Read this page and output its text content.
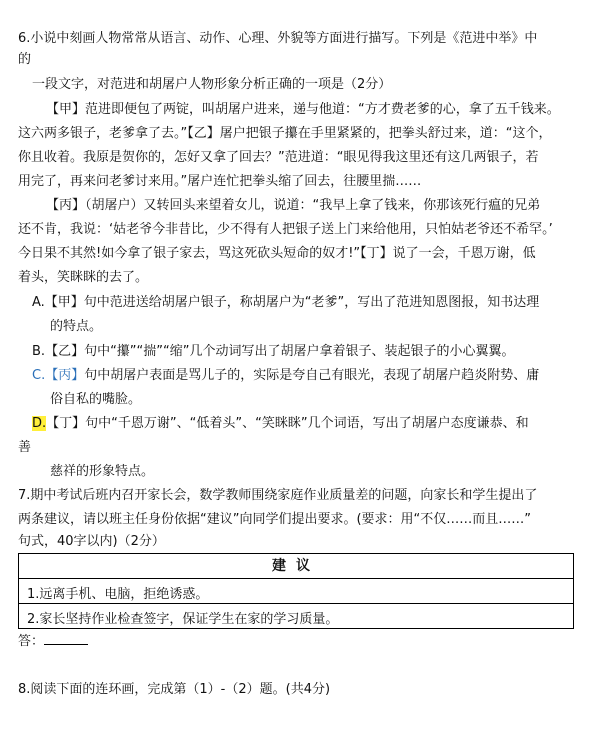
6.小说中刻画人物常常从语言、动作、心理、外貌等方面进行描写。下列是《范进中举》中
的
一段文字，对范进和胡屠户人物形象分析正确的一项是（2分）
【甲】范进即便包了两锭，叫胡屠户进来，递与他道：“方才费老爹的心，拿了五千钱来。
这六两多银子，老爹拿了去。”【乙】屠户把银子攥在手里紧紧的，把拳头舒过来，道：“这个，
你且收着。我原是贺你的，怎好又拿了回去？”范进道：“眼见得我这里还有这几两银子，若
用完了，再来问老爹讨来用。”屠户连忙把拳头缩了回去，往腰里揣……
【丙】（胡屠户）又转回头来望着女儿，说道：“我早上拿了钱来，你那该死行瘟的兄弟
还不肯，我说：‘姑老爷今非昔比，少不得有人把银子送上门来给他用，只怕姑老爷还不希罕。’
今日果不其然!如今拿了银子家去，骂这死砍头短命的奴才!”【丁】说了一会，千恩万谢，低
着头，笑眯眯的去了。
A.【甲】句中范进送给胡屠户银子，称胡屠户为“老爹”，写出了范进知恩图报，知书达理
的特点。
B.【乙】句中“攥”“揣”“缩”几个动词写出了胡屠户拿着银子、装起银子的小心翼翼。
C.【丙】句中胡屠户表面是骂儿子的，实际是夸自己有眼光，表现了胡屠户趋炎附势、庸
俗自私的嘴脸。
D.【丁】句中“千恩万谢”、“低着头”、“笑眯眯”几个词语，写出了胡屠户态度谦恭、和
善
慈祥的形象特点。
7.期中考试后班内召开家长会，数学教师围绕家庭作业质量差的问题，向家长和学生提出了
两条建议，请以班主任身份依据“建议”向同学们提出要求。(要求：用“不仅……而且……”
句式，40字以内)（2分）
建议
1.远离手机、电脑，拒绝诱惑。
2.家长坚持作业检查签字，保证学生在家的学习质量。
答：
8.阅读下面的连环画，完成第（1）-（2）题。(共4分)
